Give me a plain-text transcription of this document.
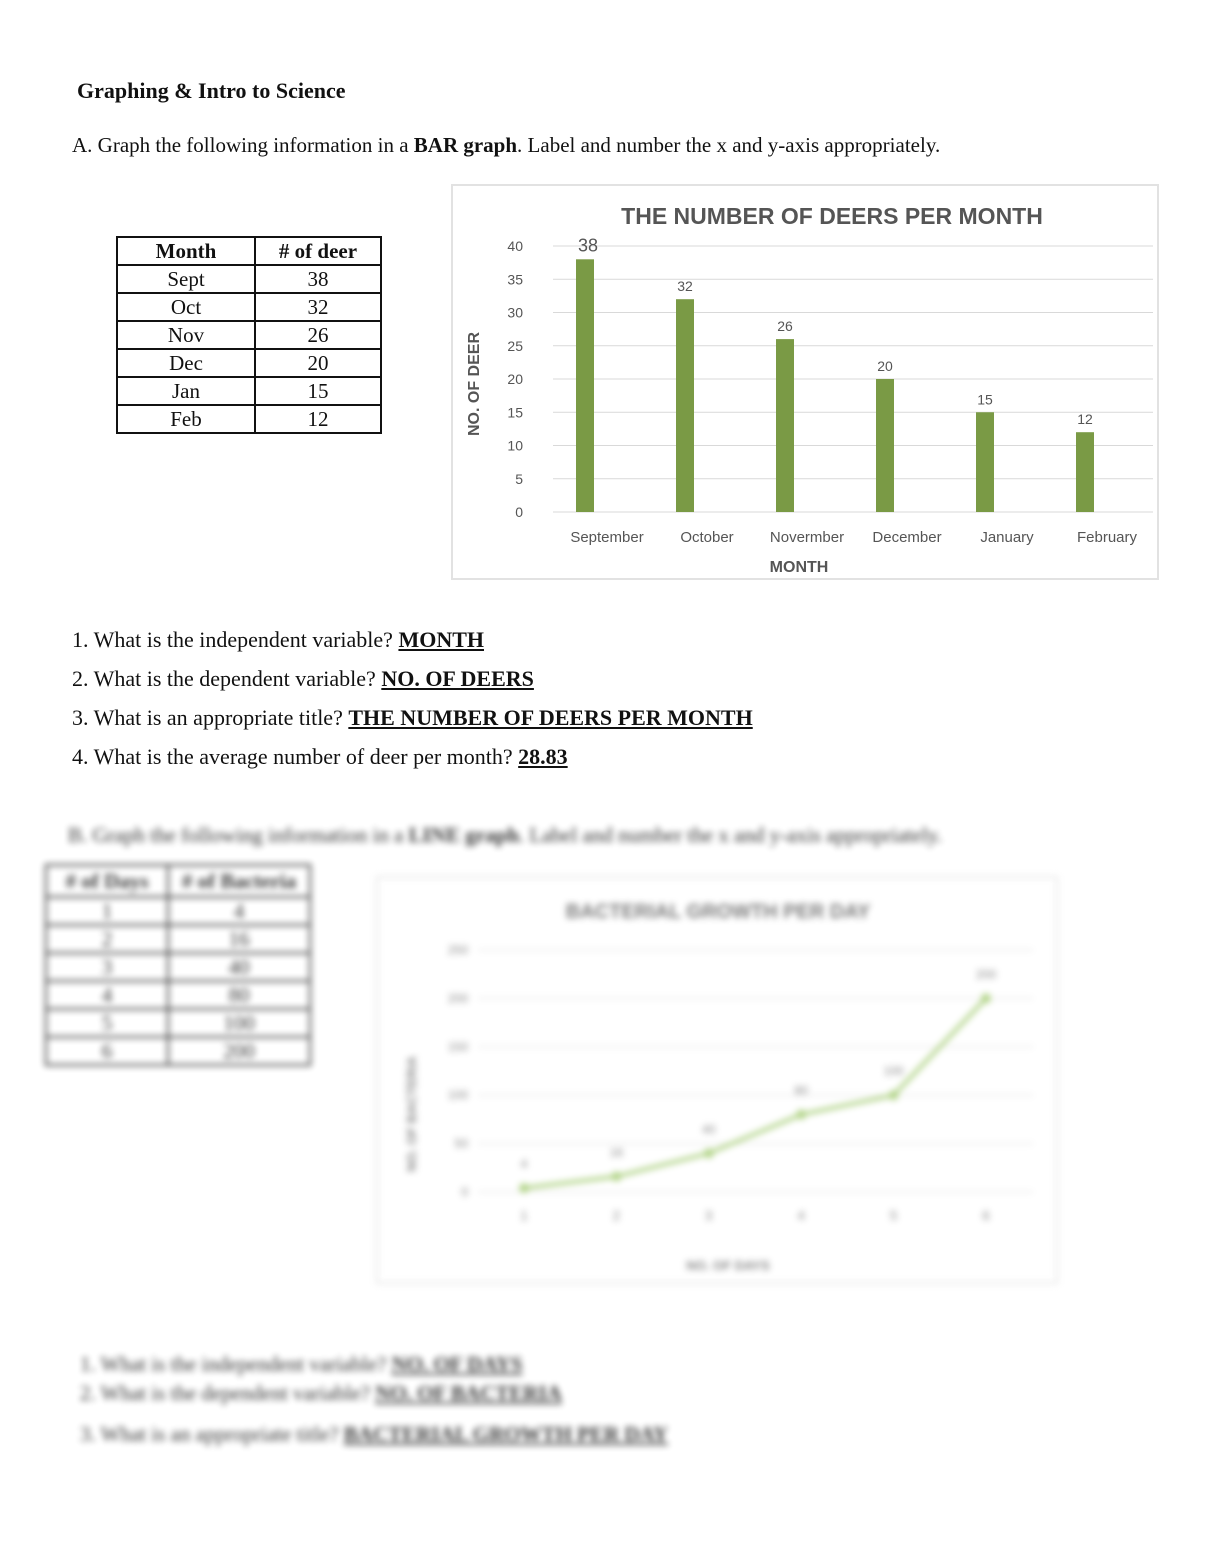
Graphing & Intro to Science
A. Graph the following information in a BAR graph. Label and number the x and y-axis appropriately.
Month	# of deer
Sept	38
Oct	32
Nov	26
Dec	20
Jan	15
Feb	12
THE NUMBER OF DEERS PER MONTH
0
5
10
15
20
25
30
35
40	38
September
32
October
26
Novermber
20
December
15
January
12
February
MONTH
NO. OF DEER
1. What is the independent variable? MONTH
2. What is the dependent variable? NO. OF DEERS
3. What is an appropriate title? THE NUMBER OF DEERS PER MONTH
4. What is the average number of deer per month? 28.83
B. Graph the following information in a LINE graph. Label and number the x and y-axis appropriately.
# of Days	# of Bacteria
1	4
2	16
3	40
4	80
5	100
6	200
BACTERIAL GROWTH PER DAY
0
50
100
150
200
250
4
1
16
2
40
3
80
4
100
5
200
6
NO. OF DAYS
NO. OF BACTERIA
1. What is the independent variable? NO. OF DAYS
2. What is the dependent variable? NO. OF BACTERIA
3. What is an appropriate title? BACTERIAL GROWTH PER DAY
